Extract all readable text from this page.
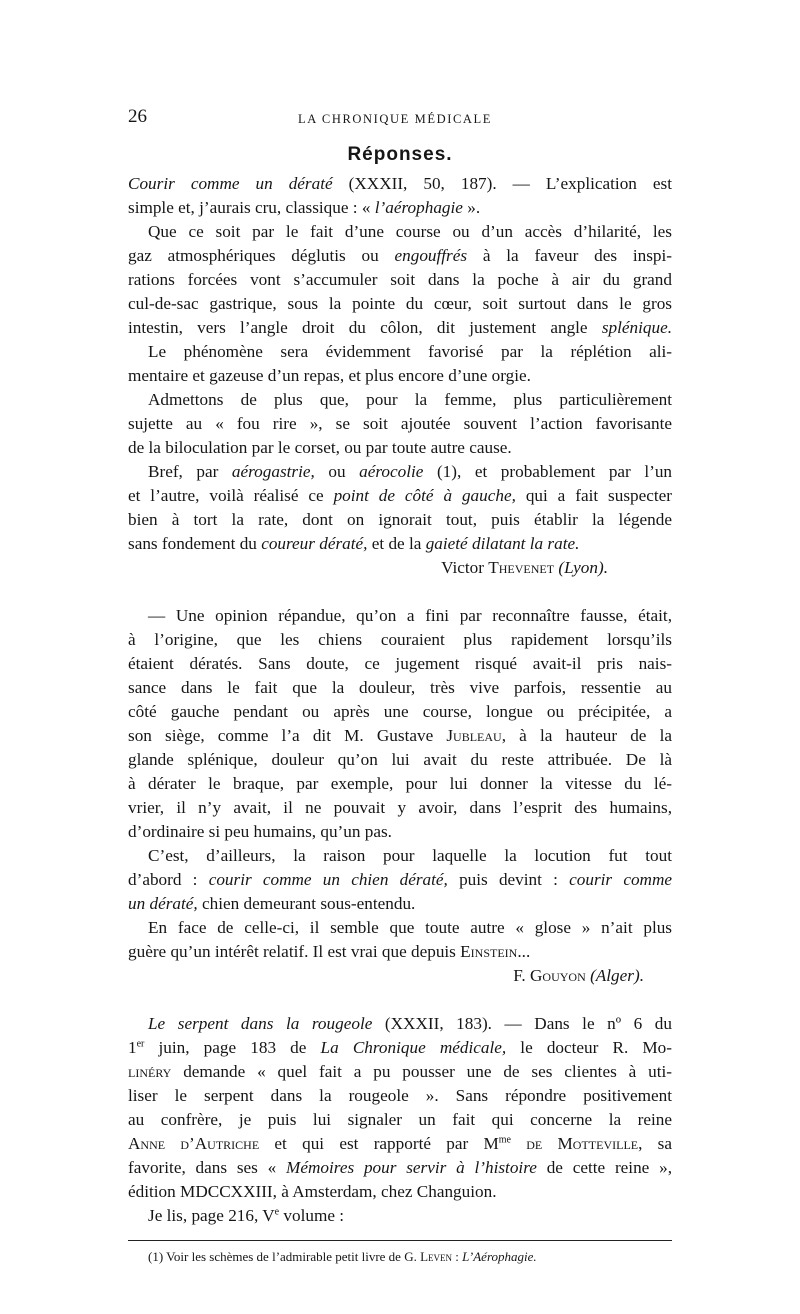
26	LA CHRONIQUE MÉDICALE
Réponses.
Courir comme un dératé (XXXII, 50, 187). — L’explication est
simple et, j’aurais cru, classique : « l’aérophagie ».
Que ce soit par le fait d’une course ou d’un accès d’hilarité, les
gaz atmosphériques déglutis ou engouffrés à la faveur des inspi-
rations forcées vont s’accumuler soit dans la poche à air du grand
cul-de-sac gastrique, sous la pointe du cœur, soit surtout dans le gros
intestin, vers l’angle droit du côlon, dit justement angle splénique.
Le phénomène sera évidemment favorisé par la réplétion ali-
mentaire et gazeuse d’un repas, et plus encore d’une orgie.
Admettons de plus que, pour la femme, plus particulièrement
sujette au « fou rire », se soit ajoutée souvent l’action favorisante
de la biloculation par le corset, ou par toute autre cause.
Bref, par aérogastrie, ou aérocolie (1), et probablement par l’un
et l’autre, voilà réalisé ce point de côté à gauche, qui a fait suspecter
bien à tort la rate, dont on ignorait tout, puis établir la légende
sans fondement du coureur dératé, et de la gaieté dilatant la rate.
Victor Thevenet (Lyon).
— Une opinion répandue, qu’on a fini par reconnaître fausse, était,
à l’origine, que les chiens couraient plus rapidement lorsqu’ils
étaient dératés. Sans doute, ce jugement risqué avait-il pris nais-
sance dans le fait que la douleur, très vive parfois, ressentie au
côté gauche pendant ou après une course, longue ou précipitée, a
son siège, comme l’a dit M. Gustave Jubleau, à la hauteur de la
glande splénique, douleur qu’on lui avait du reste attribuée. De là
à dérater le braque, par exemple, pour lui donner la vitesse du lé-
vrier, il n’y avait, il ne pouvait y avoir, dans l’esprit des humains,
d’ordinaire si peu humains, qu’un pas.
C’est, d’ailleurs, la raison pour laquelle la locution fut tout
d’abord : courir comme un chien dératé, puis devint : courir comme
un dératé, chien demeurant sous-entendu.
En face de celle-ci, il semble que toute autre « glose » n’ait plus
guère qu’un intérêt relatif. Il est vrai que depuis Einstein...
F. Gouyon (Alger).
Le serpent dans la rougeole (XXXII, 183). — Dans le nº 6 du
1er juin, page 183 de La Chronique médicale, le docteur R. Mo-
linéry demande « quel fait a pu pousser une de ses clientes à uti-
liser le serpent dans la rougeole ». Sans répondre positivement
au confrère, je puis lui signaler un fait qui concerne la reine
Anne d’Autriche et qui est rapporté par $M^{me}$ de Motteville, sa
favorite, dans ses « Mémoires pour servir à l’histoire de cette reine »,
édition MDCCXXIII, à Amsterdam, chez Changuion.
Je lis, page 216, Ve volume :
(1) Voir les schèmes de l’admirable petit livre de G. Leven : L’Aérophagie.
